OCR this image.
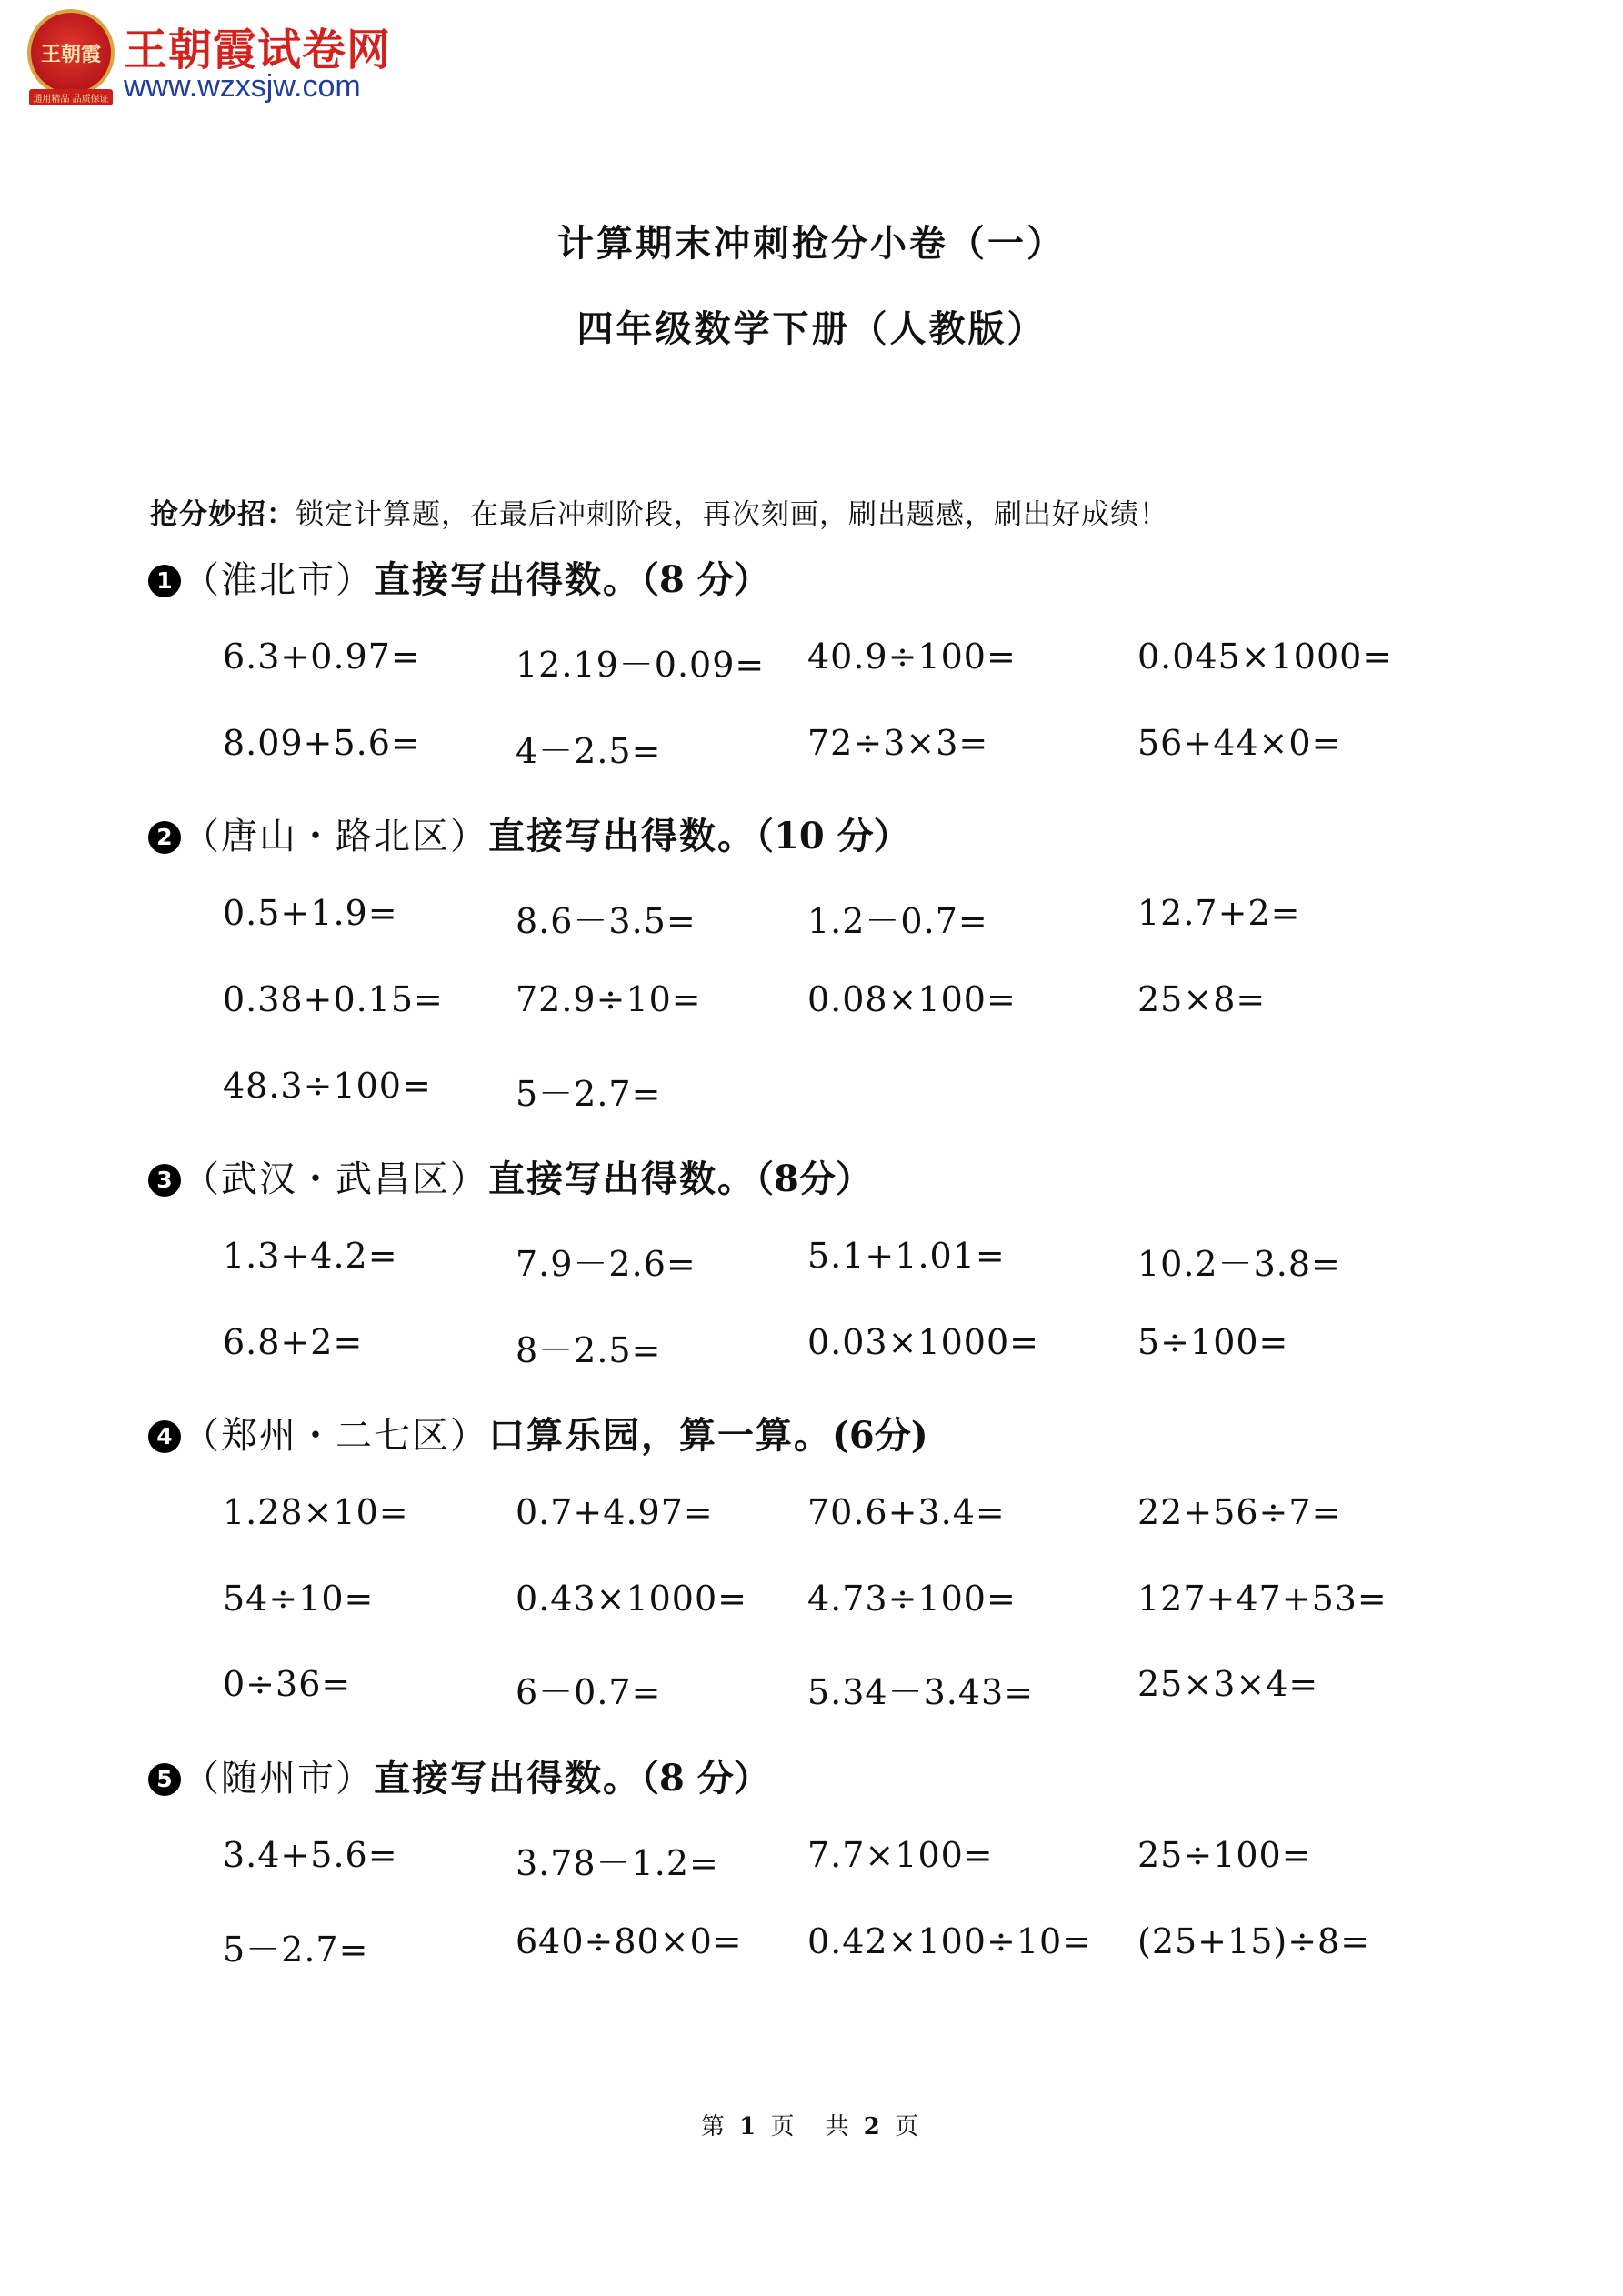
王朝霞
通用精品 品质保证
王朝霞试卷网
www.wzxsjw.com
计算期末冲刺抢分小卷（一）
四年级数学下册（人教版）
抢分妙招：锁定计算题，在最后冲刺阶段，再次刻画，刷出题感，刷出好成绩！
1 （淮北市）直接写出得数。（8 分）
6.3+0.97=	12.19－0.09= 40.9÷100=	0.045×1000=
8.09+5.6=	4－2.5=	72÷3×3=	56+44×0=
2 （唐山・路北区）直接写出得数。（10 分）
0.5+1.9=	8.6－3.5=	1.2－0.7=	12.7+2=
0.38+0.15= 72.9÷10=	0.08×100=	25×8=
48.3÷100= 5－2.7=
3 （武汉・武昌区）直接写出得数。（8分）
1.3+4.2=	7.9－2.6=	5.1+1.01=	10.2－3.8=
6.8+2=	8－2.5=	0.03×1000=	5÷100=
4 （郑州・二七区）口算乐园，算一算。(6分)
1.28×10=	0.7+4.97=	70.6+3.4=	22+56÷7=
54÷10=	0.43×1000= 4.73÷100=	127+47+53=
0÷36=	6－0.7=	5.34－3.43=	25×3×4=
5 （随州市）直接写出得数。（8 分）
3.4+5.6=	3.78－1.2=	7.7×100=	25÷100=
5－2.7=	640÷80×0= 0.42×100÷10= (25+15)÷8=
第 1 页　共 2 页
